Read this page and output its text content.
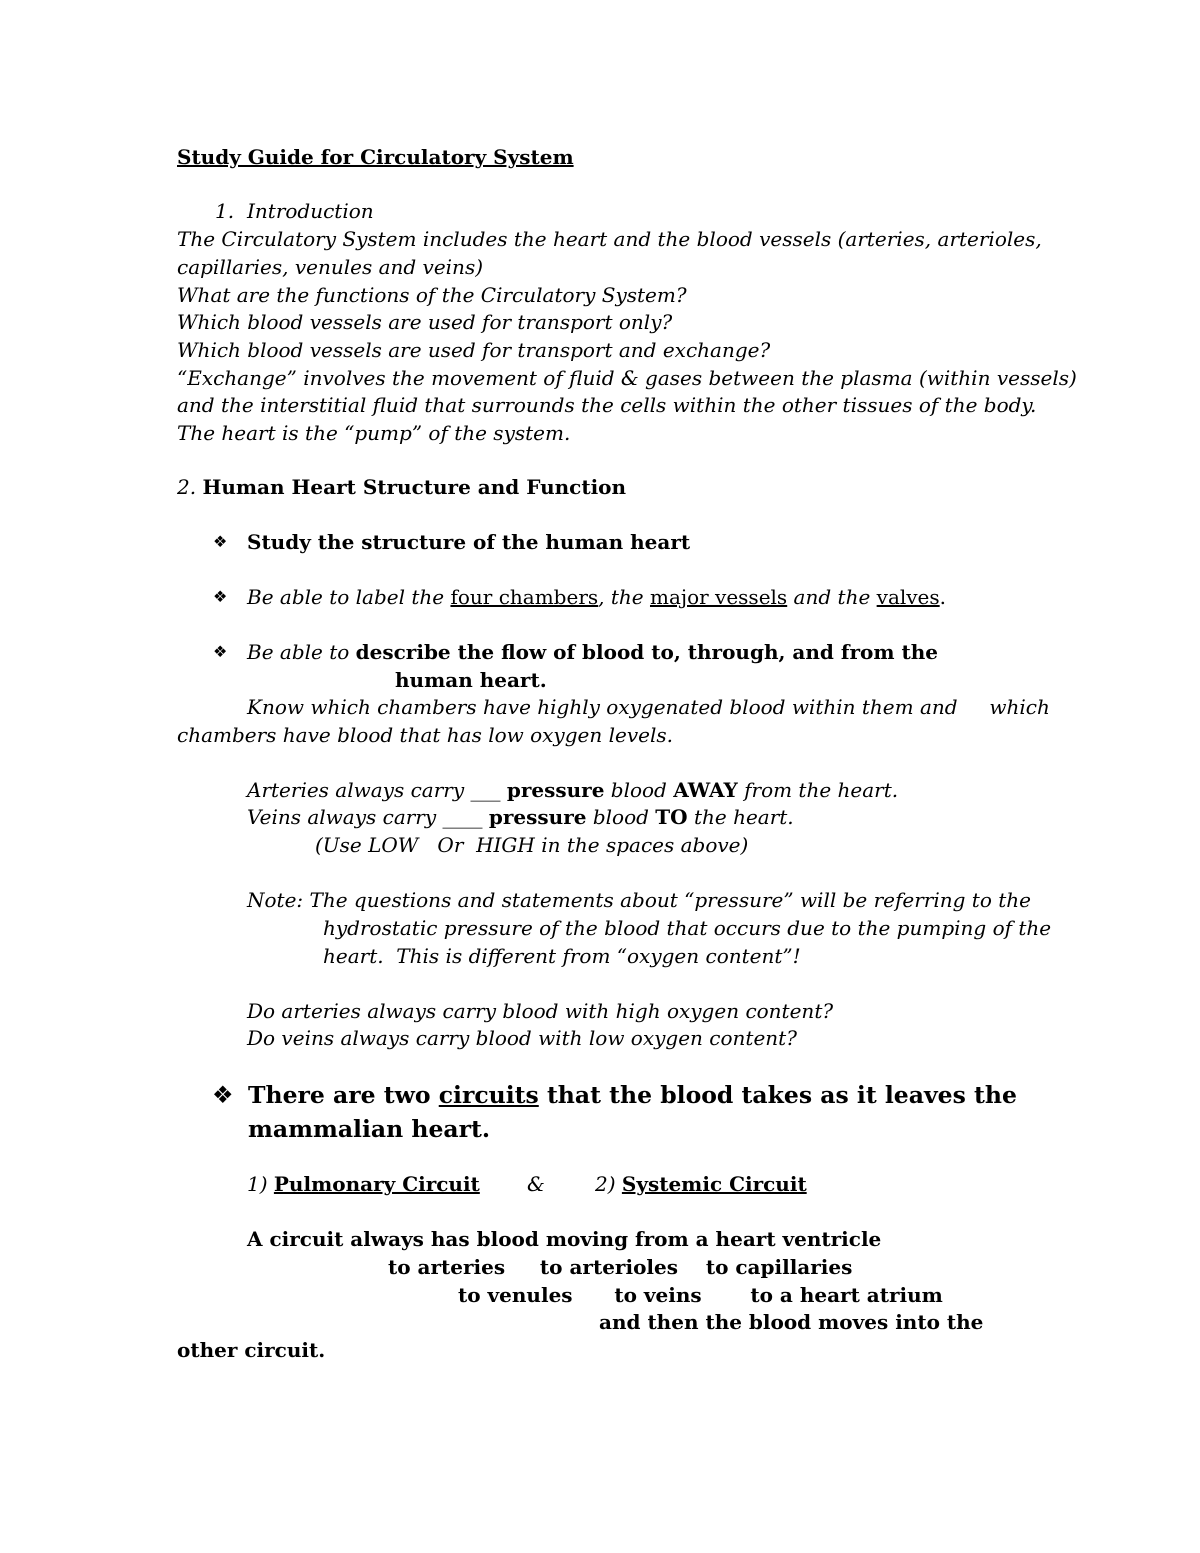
Study Guide for Circulatory System
1. Introduction
The Circulatory System includes the heart and the blood vessels (arteries, arterioles,
capillaries, venules and veins)
What are the functions of the Circulatory System?
Which blood vessels are used for transport only?
Which blood vessels are used for transport and exchange?
“Exchange” involves the movement of fluid & gases between the plasma (within vessels)
and the interstitial fluid that surrounds the cells within the other tissues of the body.
The heart is the “pump” of the system.
2. Human Heart Structure and Function
❖ Study the structure of the human heart
❖ Be able to label the four chambers, the major vessels and the valves.
❖ Be able to describe the flow of blood to, through, and from the
human heart.
Know which chambers have highly oxygenated blood within them and     which
chambers have blood that has low oxygen levels.
Arteries always carry ___ pressure blood AWAY from the heart.
Veins always carry ____ pressure blood TO the heart.
(Use LOW   Or  HIGH in the spaces above)
Note: The questions and statements about “pressure” will be referring to the
hydrostatic pressure of the blood that occurs due to the pumping of the
heart.  This is different from “oxygen content”!
Do arteries always carry blood with high oxygen content?
Do veins always carry blood with low oxygen content?
❖ There are two circuits that the blood takes as it leaves the
mammalian heart.
1) Pulmonary Circuit &	2) Systemic Circuit
A circuit always has blood moving from a heart ventricle
to arteries     to arterioles    to capillaries
to venules      to veins       to a heart atrium
and then the blood moves into the
other circuit.
